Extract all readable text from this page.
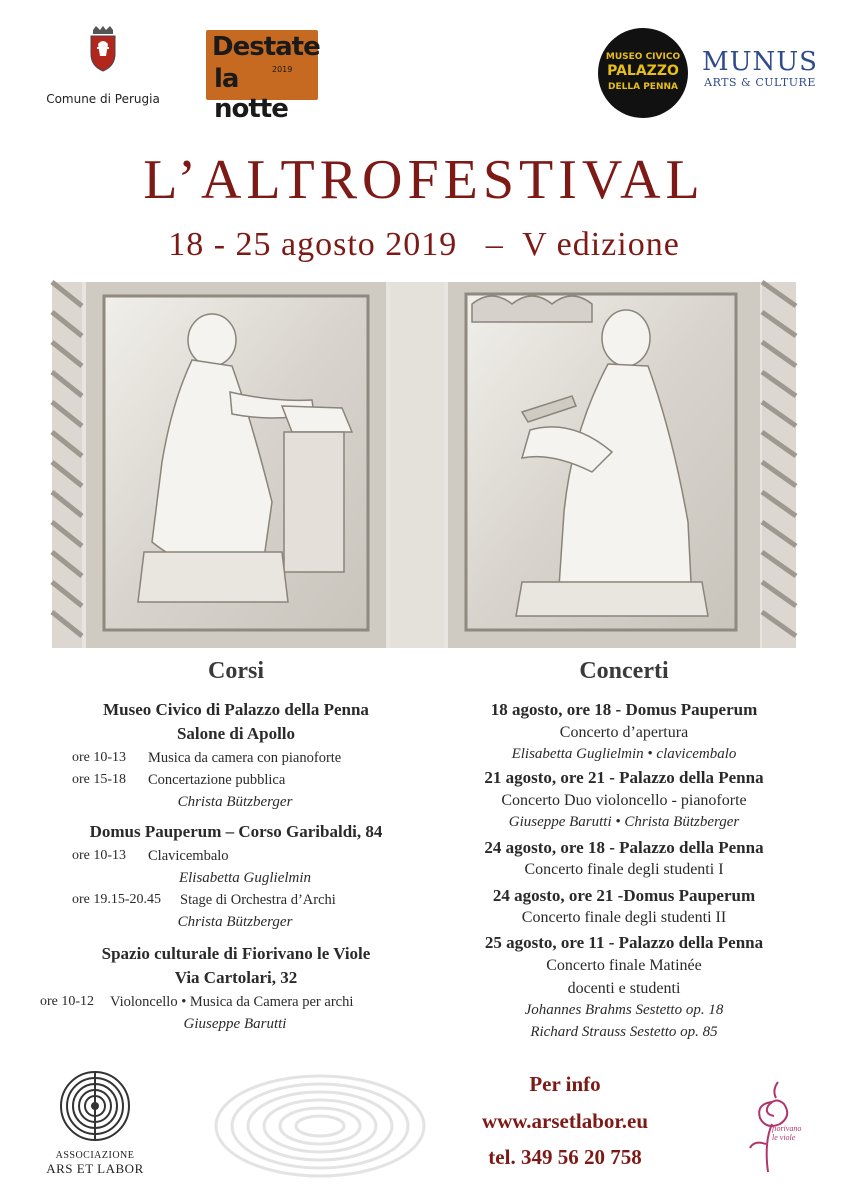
Comune di Perugia
Destate
la notte
2019
MUSEO CIVICO
PALAZZO
DELLA PENNA
MUNUS
ARTS & CULTURE
L’ALTROFESTIVAL
18 - 25 agosto 2019   –  V edizione
Corsi
Museo Civico di Palazzo della Penna
Salone di Apollo
ore 10-13 Musica da camera con pianoforte
ore 15-18 Concertazione pubblica
Christa Bützberger
Domus Pauperum – Corso Garibaldi, 84
ore 10-13 Clavicembalo
Elisabetta Guglielmin
ore 19.15-20.45 Stage di Orchestra d’Archi
Christa Bützberger
Spazio culturale di Fiorivano le Viole
Via Cartolari, 32
ore 10-12 Violoncello • Musica da Camera per archi
Giuseppe Barutti
Concerti
18 agosto, ore 18 - Domus Pauperum
Concerto d’apertura
Elisabetta Guglielmin • clavicembalo
21 agosto, ore 21 - Palazzo della Penna
Concerto Duo violoncello - pianoforte
Giuseppe Barutti • Christa Bützberger
24 agosto, ore 18 - Palazzo della Penna
Concerto finale degli studenti I
24 agosto, ore 21 -Domus Pauperum
Concerto finale degli studenti II
25 agosto, ore 11 - Palazzo della Penna
Concerto finale Matinée
docenti e studenti
Johannes Brahms Sestetto op. 18
Richard Strauss Sestetto op. 85
ASSOCIAZIONE
ARS ET LABOR
Per info
www.arsetlabor.eu
tel. 349 56 20 758
fiorivano
le viole
